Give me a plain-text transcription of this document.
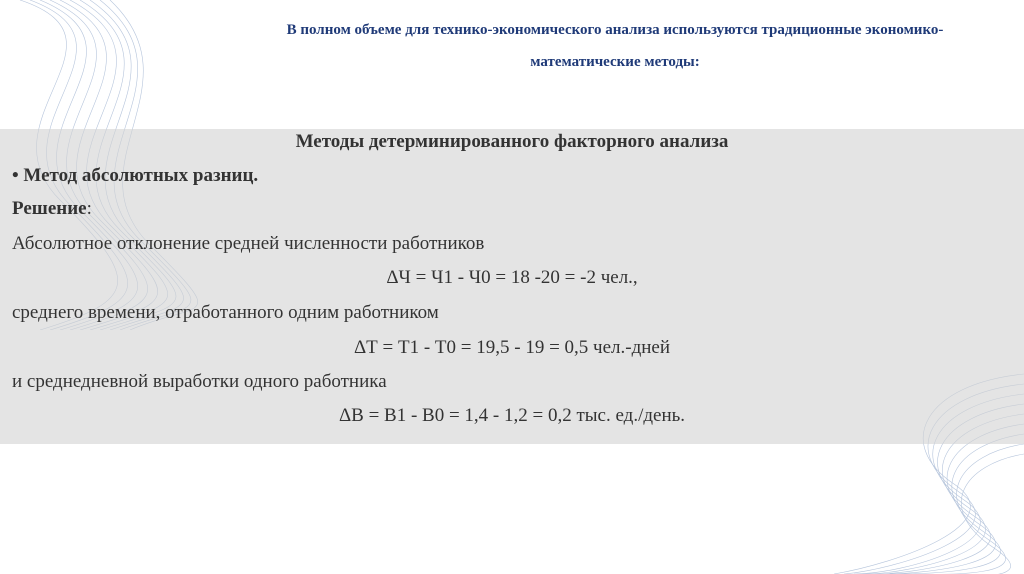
В полном объеме для технико-экономического анализа используются традиционные экономико-
математические методы:
Методы детерминированного факторного анализа
• Метод абсолютных разниц.
Решение:
Абсолютное отклонение средней численности работников
ΔЧ = Ч1 - Ч0 = 18 -20 = -2 чел.,
среднего времени, отработанного одним работником
ΔТ = Т1 - Т0 = 19,5 - 19 = 0,5 чел.-дней
и среднедневной выработки одного работника
ΔВ = В1 - В0 = 1,4 - 1,2 = 0,2 тыс. ед./день.
